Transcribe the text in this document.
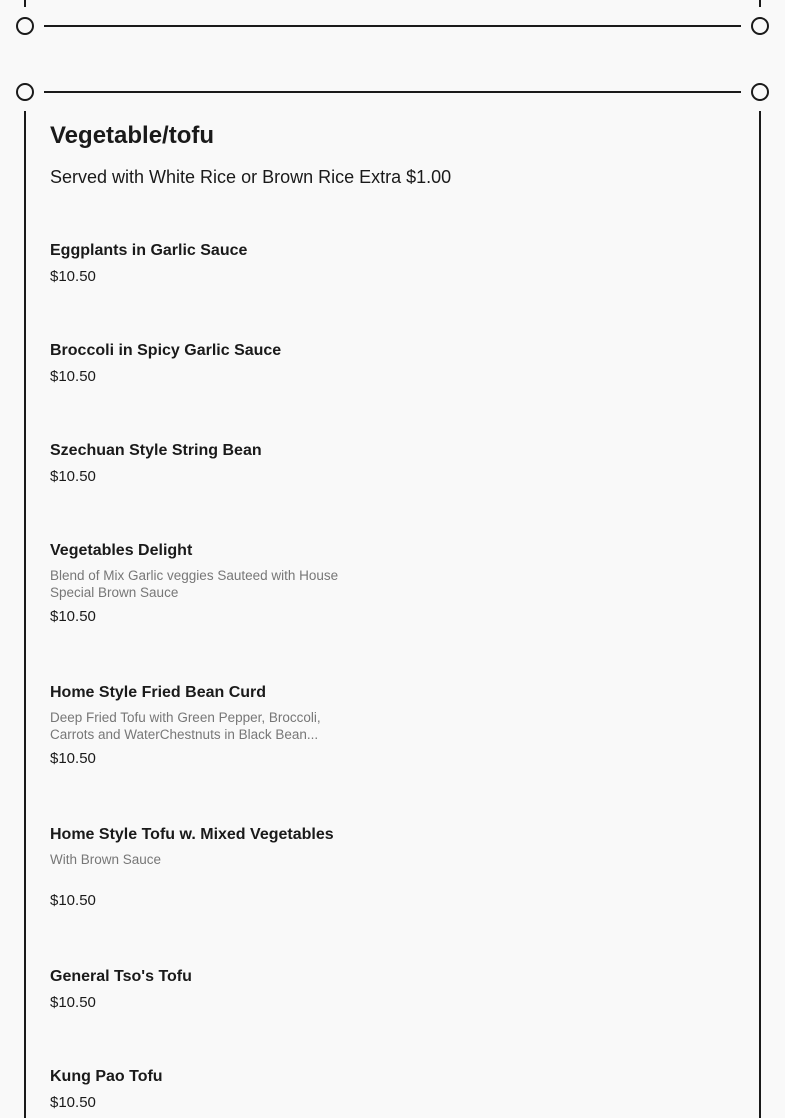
Vegetable/tofu

Served with White Rice or Brown Rice Extra $1.00

Eggplants in Garlic Sauce
$10.50
Broccoli in Spicy Garlic Sauce
$10.50
Szechuan Style String Bean
$10.50
Vegetables Delight
Blend of Mix Garlic veggies Sauteed with House Special Brown Sauce
$10.50
Home Style Fried Bean Curd
Deep Fried Tofu with Green Pepper, Broccoli, Carrots and WaterChestnuts in Black Bean...
$10.50
Home Style Tofu w. Mixed Vegetables
With Brown Sauce
$10.50
General Tso's Tofu
$10.50
Kung Pao Tofu
$10.50
